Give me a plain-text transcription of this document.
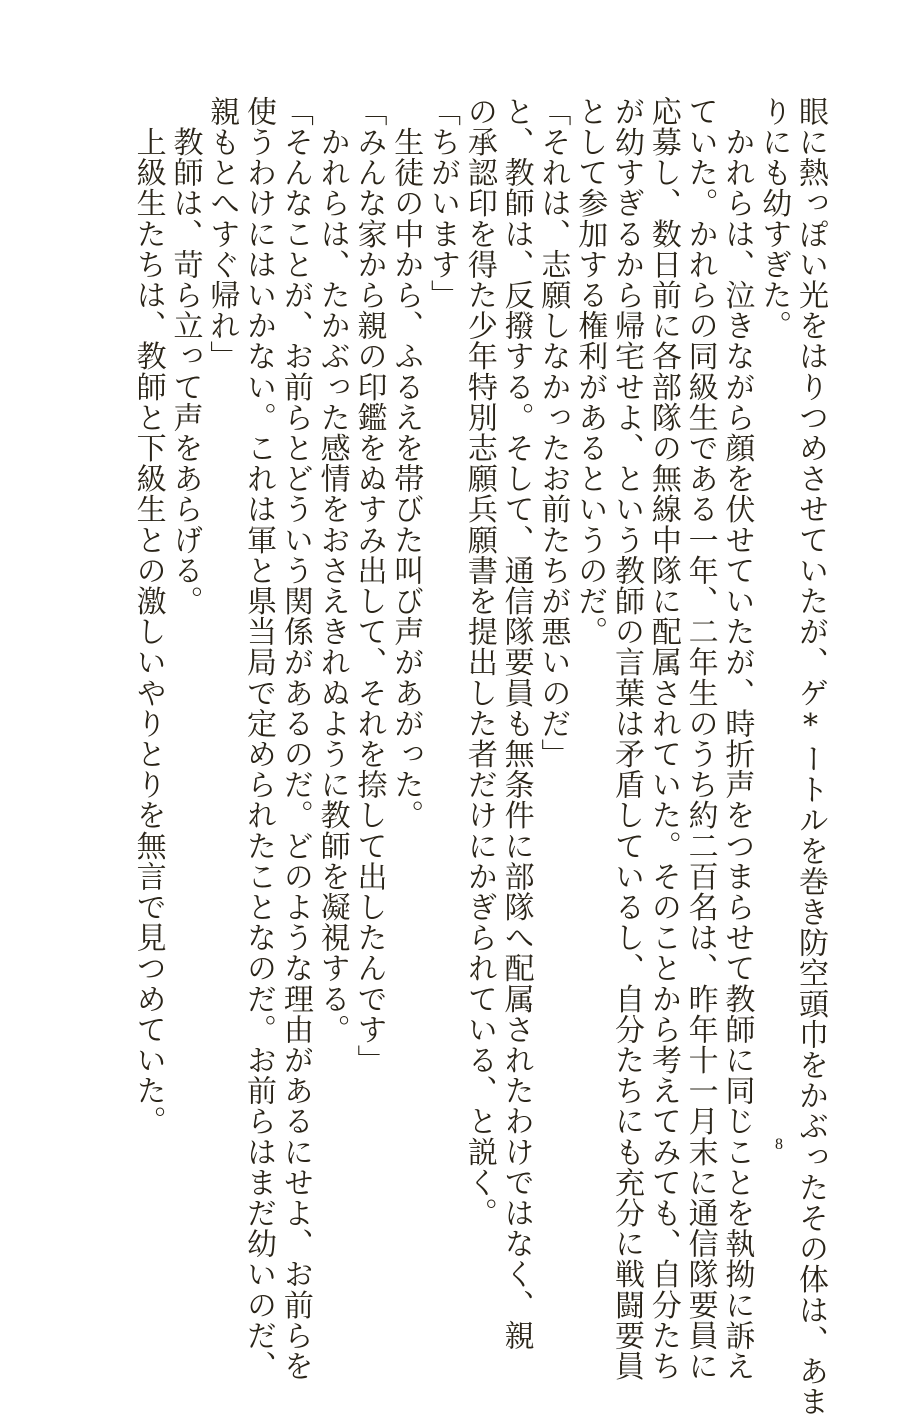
眼に熱っぽい光をはりつめさせていたが、ゲ*ートルを巻き防空頭巾をかぶったその体は、あま
りにも幼すぎた。
　かれらは、泣きながら顔を伏せていたが、時折声をつまらせて教師に同じことを執拗に訴え
ていた。かれらの同級生である一年、二年生のうち約二百名は、昨年十一月末に通信隊要員に
応募し、数日前に各部隊の無線中隊に配属されていた。そのことから考えてみても、自分たち
が幼すぎるから帰宅せよ、という教師の言葉は矛盾しているし、自分たちにも充分に戦闘要員
として参加する権利があるというのだ。
「それは、志願しなかったお前たちが悪いのだ」
と、教師は、反撥する。そして、通信隊要員も無条件に部隊へ配属されたわけではなく、親
の承認印を得た少年特別志願兵願書を提出した者だけにかぎられている、と説く。
「ちがいます」
　生徒の中から、ふるえを帯びた叫び声があがった。
「みんな家から親の印鑑をぬすみ出して、それを捺して出したんです」
　かれらは、たかぶった感情をおさえきれぬように教師を凝視する。
「そんなことが、お前らとどういう関係があるのだ。どのような理由があるにせよ、お前らを
使うわけにはいかない。これは軍と県当局で定められたことなのだ。お前らはまだ幼いのだ、
親もとへすぐ帰れ」
　教師は、苛ら立って声をあらげる。
　上級生たちは、教師と下級生との激しいやりとりを無言で見つめていた。
8
